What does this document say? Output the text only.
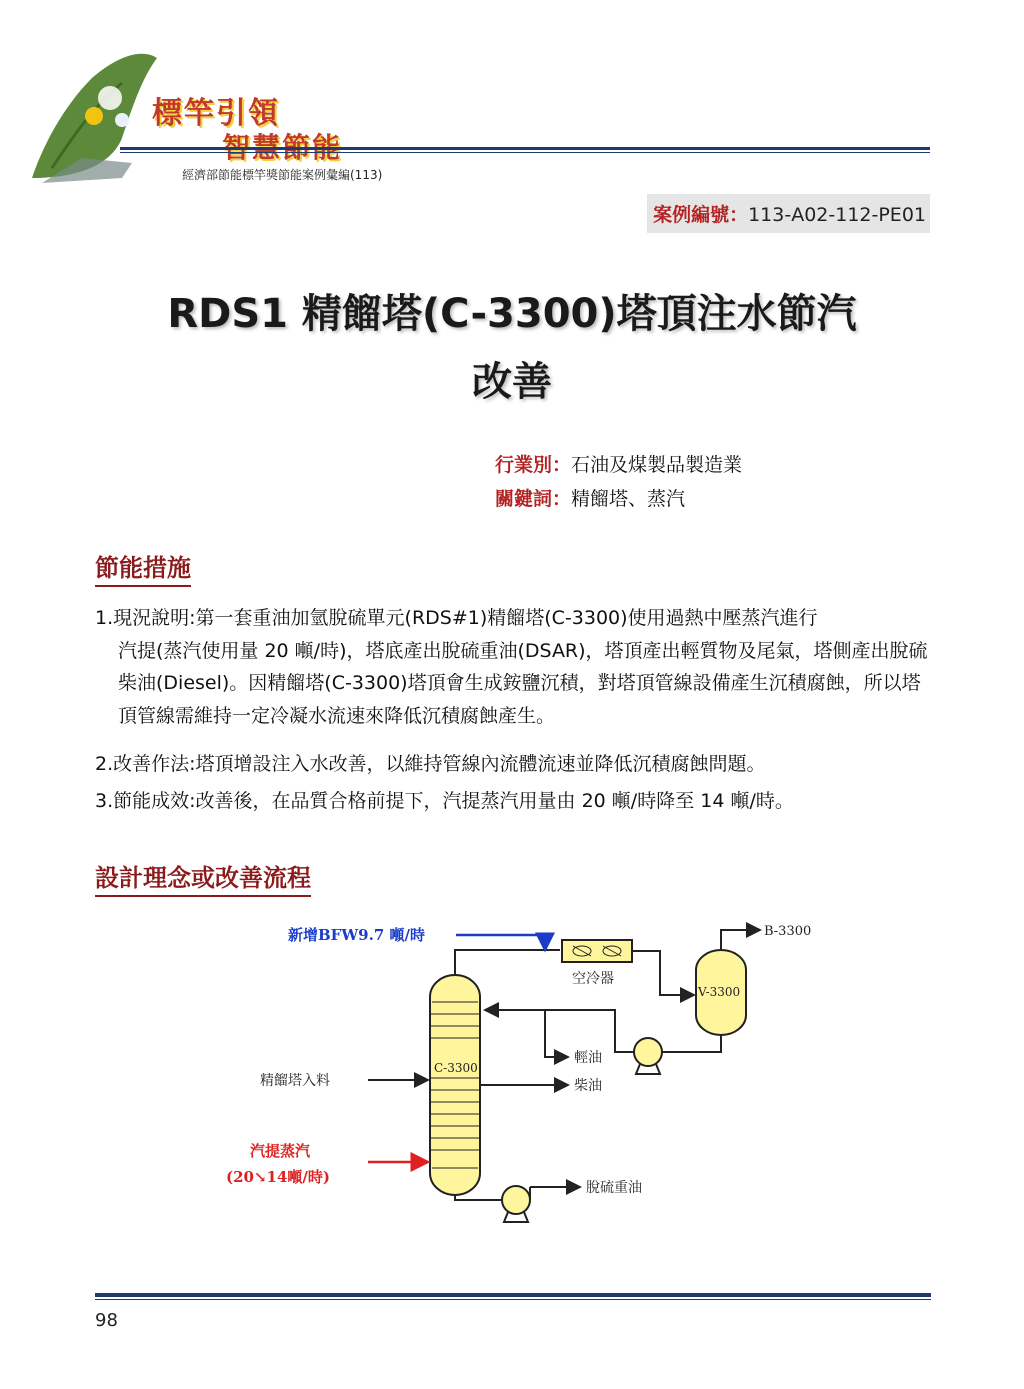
標竿引領
經濟部節能標竿獎節能案例彙編(113)
案例編號：113-A02-112-PE01
RDS1 精餾塔(C-3300)塔頂注水節汽
改善
行業別：石油及煤製品製造業
關鍵詞：精餾塔、蒸汽
節能措施
1.現況說明:第一套重油加氫脫硫單元(RDS#1)精餾塔(C-3300)使用過熱中壓蒸汽進行
汽提(蒸汽使用量 20 噸/時)，塔底產出脫硫重油(DSAR)，塔頂產出輕質物及尾氣，塔側產出脫硫柴油(Diesel)。因精餾塔(C-3300)塔頂會生成銨鹽沉積，對塔頂管線設備產生沉積腐蝕，所以塔頂管線需維持一定冷凝水流速來降低沉積腐蝕產生。
2.改善作法:塔頂增設注入水改善，以維持管線內流體流速並降低沉積腐蝕問題。
3.節能成效:改善後，在品質合格前提下，汽提蒸汽用量由 20 噸/時降至 14 噸/時。
設計理念或改善流程
C-3300
空冷器
新增BFW9.7 噸/時
V-3300
B-3300
輕油
柴油
精餾塔入料
汽提蒸汽
(20↘14噸/時)
脫硫重油
98
